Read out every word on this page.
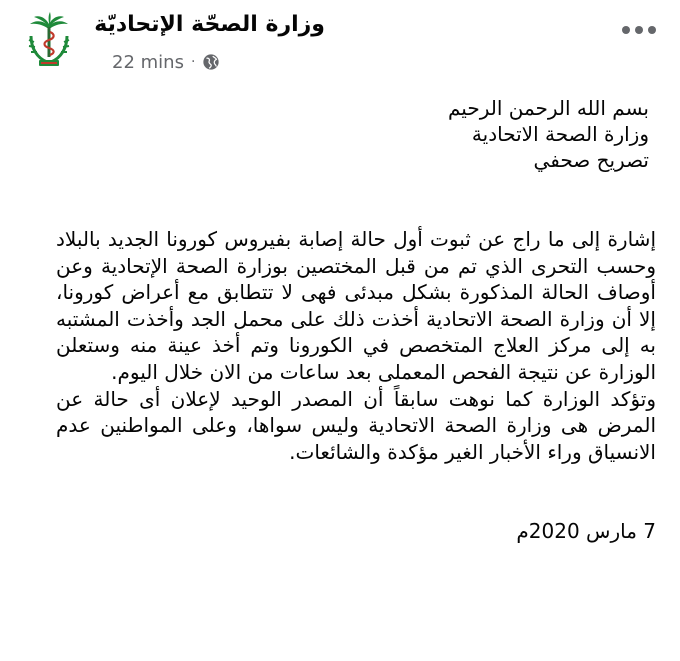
وزارة الصحّة الإتحاديّة
22 mins ·
بسم الله الرحمن الرحيم
وزارة الصحة الاتحادية
تصريح صحفي

إشارة إلى ما راج عن ثبوت أول حالة إصابة بفيروس كورونا الجديد بالبلاد وحسب التحرى الذي تم من قبل المختصين بوزارة الصحة الإتحادية وعن أوصاف الحالة المذكورة بشكل مبدئى فهى لا تتطابق مع أعراض كورونا، إلا أن وزارة الصحة الاتحادية أخذت ذلك على محمل الجد وأخذت المشتبه به إلى مركز العلاج المتخصص في الكورونا وتم أخذ عينة منه وستعلن الوزارة عن نتيجة الفحص المعملى بعد ساعات من الان خلال اليوم.

وتؤكد الوزارة كما نوهت سابقاً أن المصدر الوحيد لإعلان أى حالة عن المرض هى وزارة الصحة الاتحادية وليس سواها، وعلى المواطنين عدم الانسياق وراء الأخبار الغير مؤكدة والشائعات.

7 مارس 2020م
